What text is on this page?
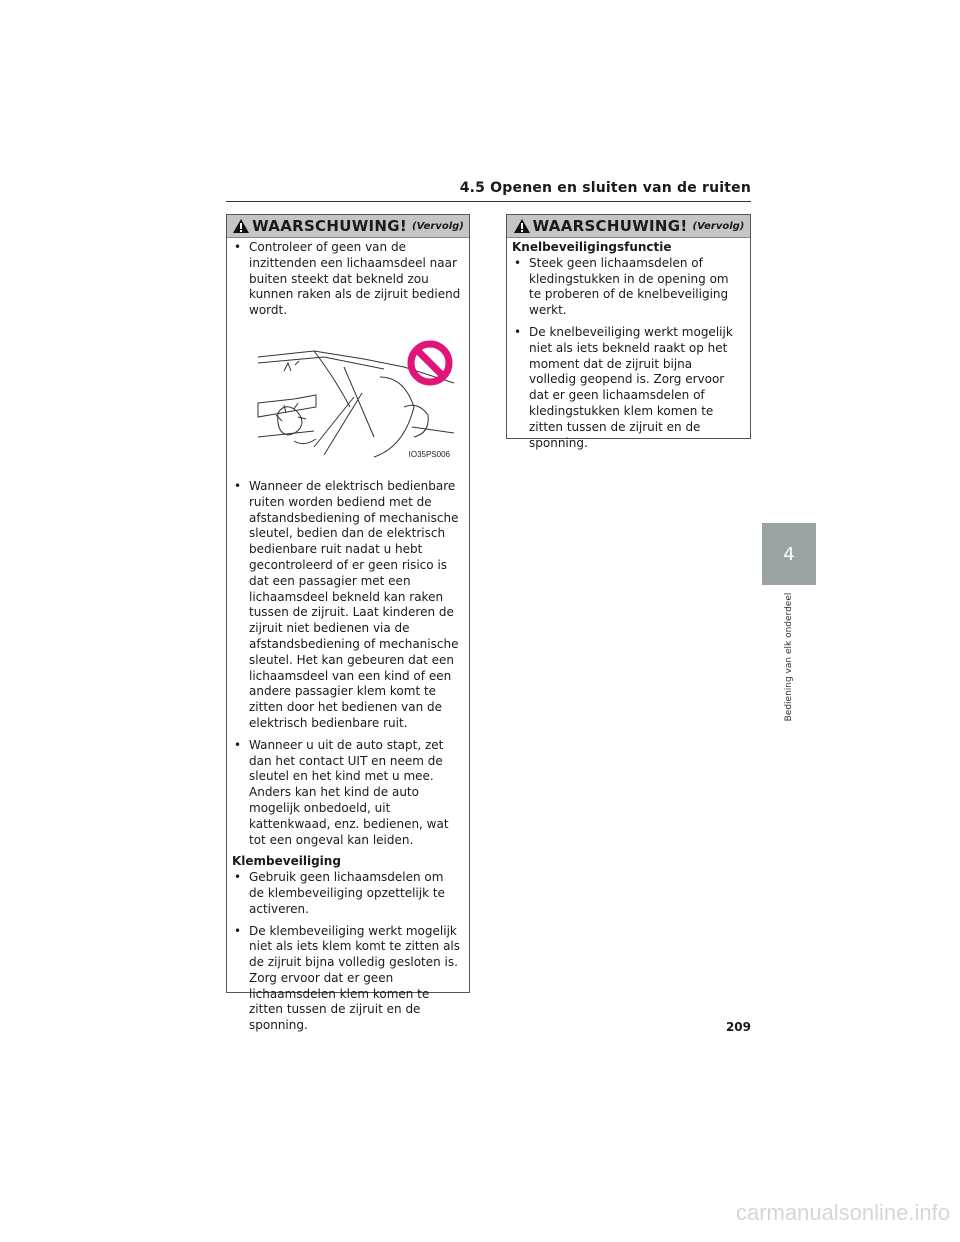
4.5 Openen en sluiten van de ruiten
WAARSCHUWING! (Vervolg)
• Controleer of geen van de inzittenden een lichaamsdeel naar buiten steekt dat bekneld zou kunnen raken als de zijruit bediend wordt.
IO35PS006
• Wanneer de elektrisch bedienbare ruiten worden bediend met de afstandsbediening of mechanische sleutel, bedien dan de elektrisch bedienbare ruit nadat u hebt gecontroleerd of er geen risico is dat een passagier met een lichaamsdeel bekneld kan raken tussen de zijruit. Laat kinderen de zijruit niet bedienen via de afstandsbediening of mechanische sleutel. Het kan gebeuren dat een lichaamsdeel van een kind of een andere passagier klem komt te zitten door het bedienen van de elektrisch bedienbare ruit.
• Wanneer u uit de auto stapt, zet dan het contact UIT en neem de sleutel en het kind met u mee. Anders kan het kind de auto mogelijk onbedoeld, uit kattenkwaad, enz. bedienen, wat tot een ongeval kan leiden.
Klembeveiliging
• Gebruik geen lichaamsdelen om de klembeveiliging opzettelijk te activeren.
• De klembeveiliging werkt mogelijk niet als iets klem komt te zitten als de zijruit bijna volledig gesloten is. Zorg ervoor dat er geen lichaamsdelen klem komen te zitten tussen de zijruit en de sponning.
WAARSCHUWING! (Vervolg)
Knelbeveiligingsfunctie
• Steek geen lichaamsdelen of kledingstukken in de opening om te proberen of de knelbeveiliging werkt.
• De knelbeveiliging werkt mogelijk niet als iets bekneld raakt op het moment dat de zijruit bijna volledig geopend is. Zorg ervoor dat er geen lichaamsdelen of kledingstukken klem komen te zitten tussen de zijruit en de sponning.
4
Bediening van elk onderdeel
209
carmanualsonline.info
